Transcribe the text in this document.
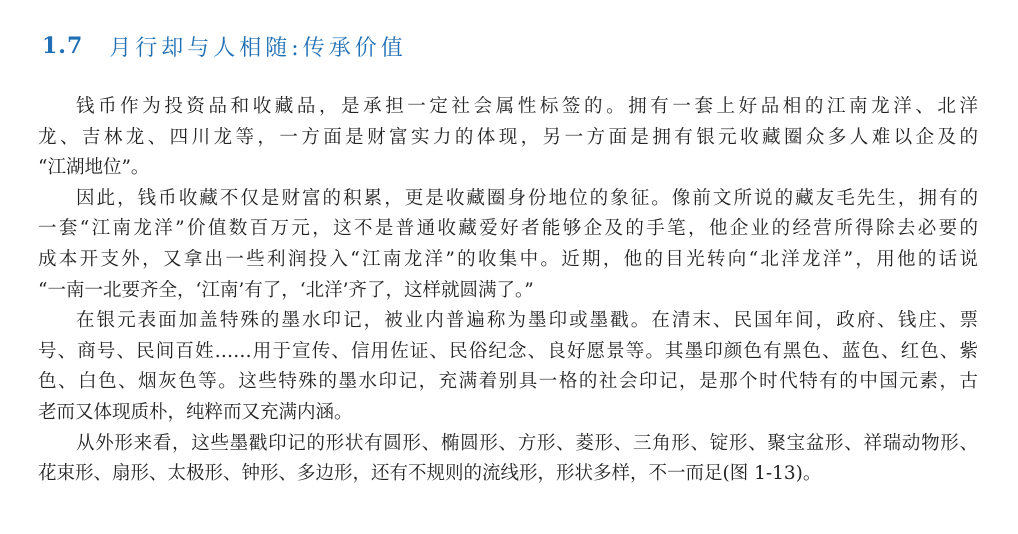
1.7 月行却与人相随:传承价值
钱币作为投资品和收藏品，是承担一定社会属性标签的。拥有一套上好品相的江南龙洋、北洋
龙、吉林龙、四川龙等，一方面是财富实力的体现，另一方面是拥有银元收藏圈众多人难以企及的
“江湖地位”。
因此，钱币收藏不仅是财富的积累，更是收藏圈身份地位的象征。像前文所说的藏友毛先生，拥有的
一套“江南龙洋”价值数百万元，这不是普通收藏爱好者能够企及的手笔，他企业的经营所得除去必要的
成本开支外，又拿出一些利润投入“江南龙洋”的收集中。近期，他的目光转向“北洋龙洋”，用他的话说
“一南一北要齐全，‘江南’有了，‘北洋’齐了，这样就圆满了。”
在银元表面加盖特殊的墨水印记，被业内普遍称为墨印或墨戳。在清末、民国年间，政府、钱庄、票
号、商号、民间百姓……用于宣传、信用佐证、民俗纪念、良好愿景等。其墨印颜色有黑色、蓝色、红色、紫
色、白色、烟灰色等。这些特殊的墨水印记，充满着别具一格的社会印记，是那个时代特有的中国元素，古
老而又体现质朴，纯粹而又充满内涵。
从外形来看，这些墨戳印记的形状有圆形、椭圆形、方形、菱形、三角形、锭形、聚宝盆形、祥瑞动物形、
花束形、扇形、太极形、钟形、多边形，还有不规则的流线形，形状多样，不一而足(图 1-13)。
